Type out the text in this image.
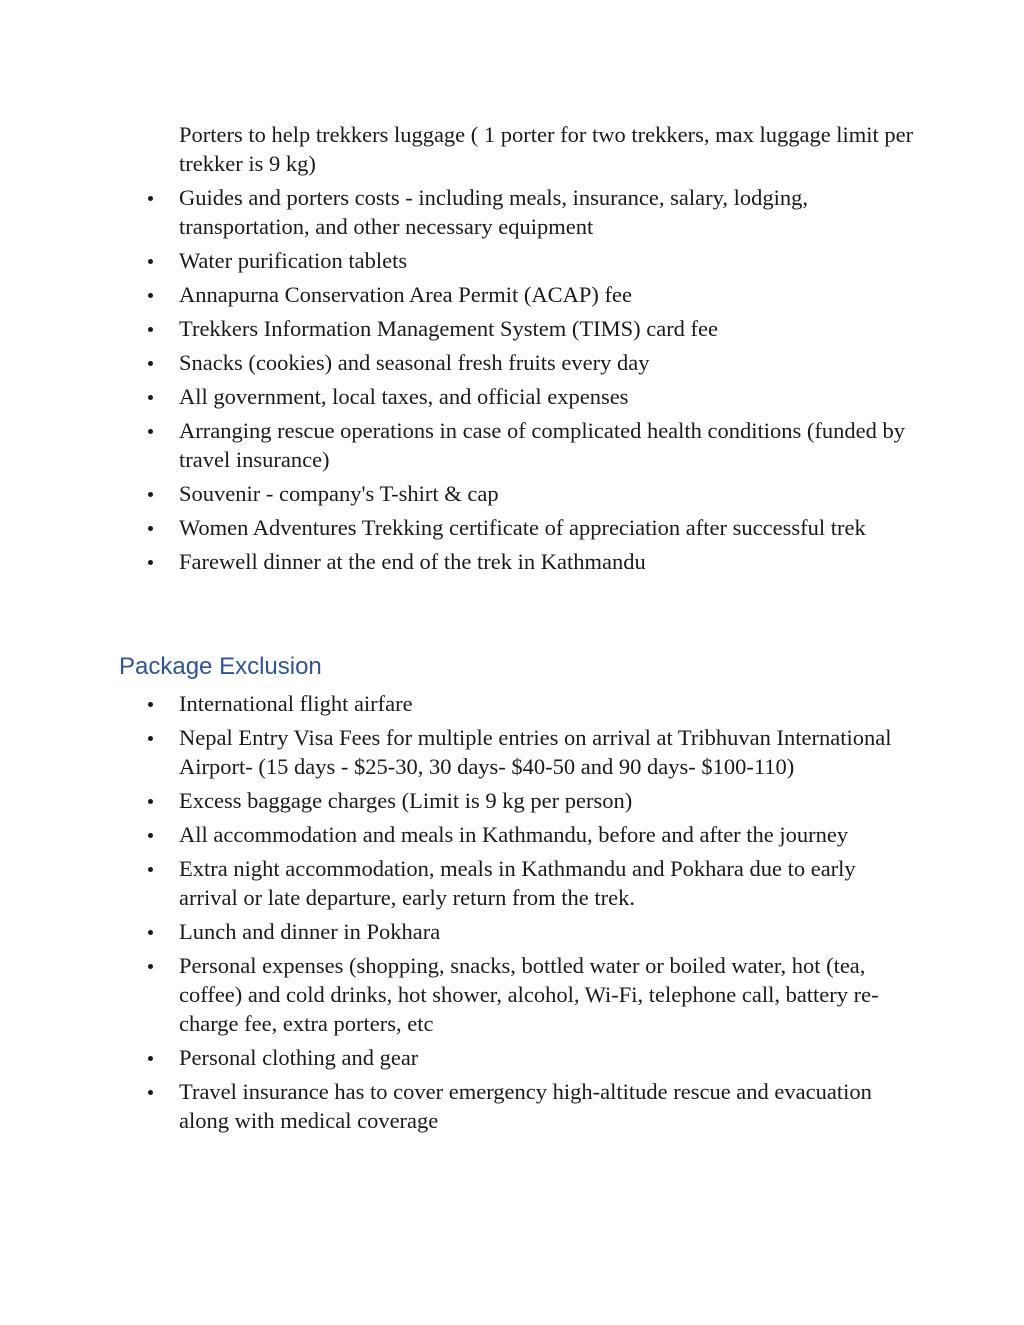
Porters to help trekkers luggage ( 1 porter for two trekkers, max luggage limit per trekker is 9 kg)
Guides and porters costs - including meals, insurance, salary, lodging, transportation, and other necessary equipment
Water purification tablets
Annapurna Conservation Area Permit (ACAP) fee
Trekkers Information Management System (TIMS) card fee
Snacks (cookies) and seasonal fresh fruits every day
All government, local taxes, and official expenses
Arranging rescue operations in case of complicated health conditions (funded by travel insurance)
Souvenir - company's T-shirt & cap
Women Adventures Trekking certificate of appreciation after successful trek
Farewell dinner at the end of the trek in Kathmandu
Package Exclusion
International flight airfare
Nepal Entry Visa Fees for multiple entries on arrival at Tribhuvan International Airport- (15 days - $25-30, 30 days- $40-50 and 90 days- $100-110)
Excess baggage charges (Limit is 9 kg per person)
All accommodation and meals in Kathmandu, before and after the journey
Extra night accommodation, meals in Kathmandu and Pokhara due to early arrival or late departure, early return from the trek.
Lunch and dinner in Pokhara
Personal expenses (shopping, snacks, bottled water or boiled water, hot (tea, coffee) and cold drinks, hot shower, alcohol, Wi-Fi, telephone call, battery re-charge fee, extra porters, etc
Personal clothing and gear
Travel insurance has to cover emergency high-altitude rescue and evacuation along with medical coverage
